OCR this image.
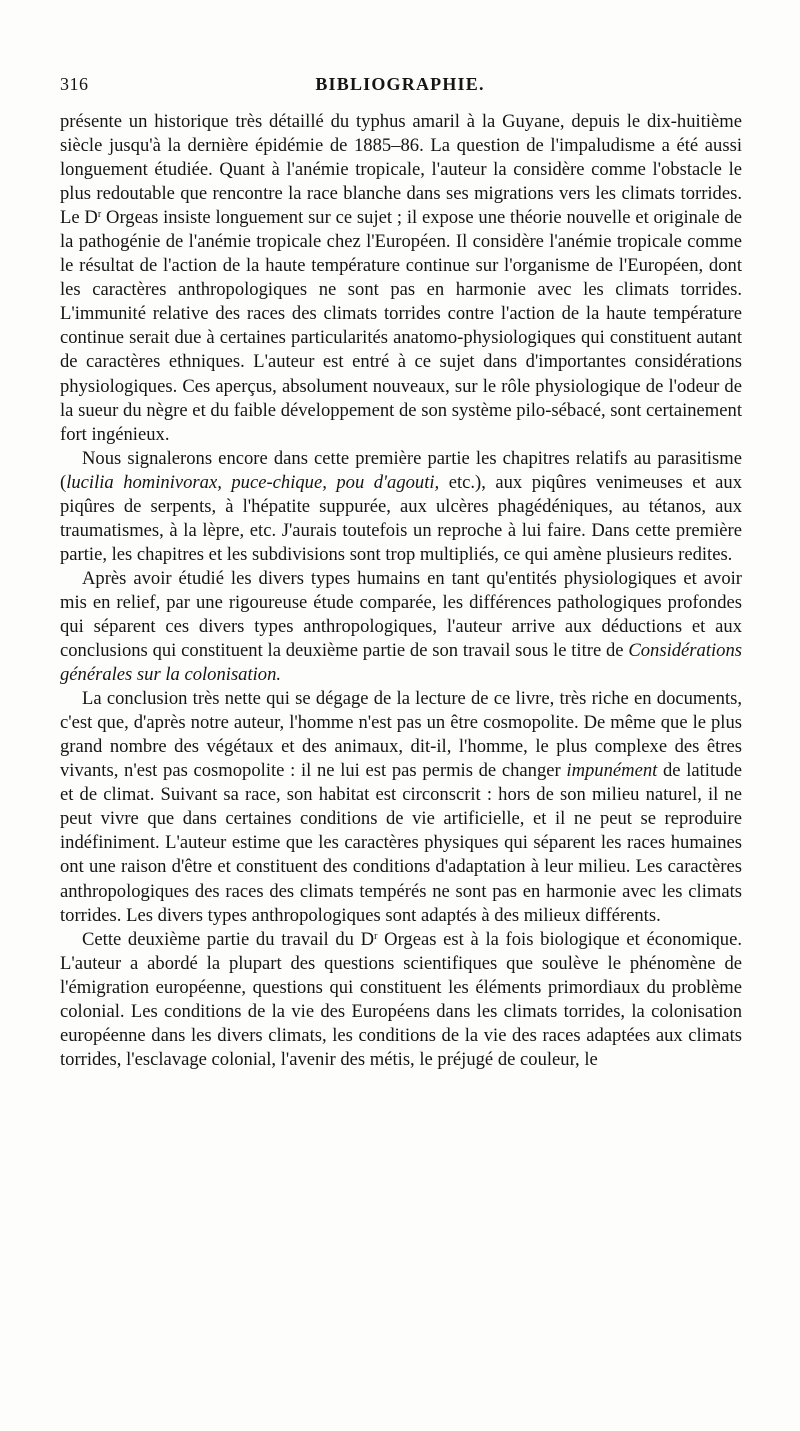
316	BIBLIOGRAPHIE.

présente un historique très détaillé du typhus amaril à la Guyane, depuis le dix-huitième siècle jusqu'à la dernière épidémie de 1885–86. La question de l'impaludisme a été aussi longuement étudiée. Quant à l'anémie tropicale, l'auteur la considère comme l'obstacle le plus redoutable que rencontre la race blanche dans ses migrations vers les climats torrides. Le $D^r$ Orgeas insiste longuement sur ce sujet ; il expose une théorie nouvelle et originale de la pathogénie de l'anémie tropicale chez l'Européen. Il considère l'anémie tropicale comme le résultat de l'action de la haute température continue sur l'organisme de l'Européen, dont les caractères anthropologiques ne sont pas en harmonie avec les climats torrides. L'immunité relative des races des climats torrides contre l'action de la haute température continue serait due à certaines particularités anatomo-physiologiques qui constituent autant de caractères ethniques. L'auteur est entré à ce sujet dans d'importantes considérations physiologiques. Ces aperçus, absolument nouveaux, sur le rôle physiologique de l'odeur de la sueur du nègre et du faible développement de son système pilo-sébacé, sont certainement fort ingénieux.

Nous signalerons encore dans cette première partie les chapitres relatifs au parasitisme (lucilia hominivorax, puce-chique, pou d'agouti, etc.), aux piqûres venimeuses et aux piqûres de serpents, à l'hépatite suppurée, aux ulcères phagédéniques, au tétanos, aux traumatismes, à la lèpre, etc. J'aurais toutefois un reproche à lui faire. Dans cette première partie, les chapitres et les subdivisions sont trop multipliés, ce qui amène plusieurs redites.

Après avoir étudié les divers types humains en tant qu'entités physiologiques et avoir mis en relief, par une rigoureuse étude comparée, les différences pathologiques profondes qui séparent ces divers types anthropologiques, l'auteur arrive aux déductions et aux conclusions qui constituent la deuxième partie de son travail sous le titre de Considérations générales sur la colonisation.

La conclusion très nette qui se dégage de la lecture de ce livre, très riche en documents, c'est que, d'après notre auteur, l'homme n'est pas un être cosmopolite. De même que le plus grand nombre des végétaux et des animaux, dit-il, l'homme, le plus complexe des êtres vivants, n'est pas cosmopolite : il ne lui est pas permis de changer impunément de latitude et de climat. Suivant sa race, son habitat est circonscrit : hors de son milieu naturel, il ne peut vivre que dans certaines conditions de vie artificielle, et il ne peut se reproduire indéfiniment. L'auteur estime que les caractères physiques qui séparent les races humaines ont une raison d'être et constituent des conditions d'adaptation à leur milieu. Les caractères anthropologiques des races des climats tempérés ne sont pas en harmonie avec les climats torrides. Les divers types anthropologiques sont adaptés à des milieux différents.

Cette deuxième partie du travail du $D^r$ Orgeas est à la fois biologique et économique. L'auteur a abordé la plupart des questions scientifiques que soulève le phénomène de l'émigration européenne, questions qui constituent les éléments primordiaux du problème colonial. Les conditions de la vie des Européens dans les climats torrides, la colonisation européenne dans les divers climats, les conditions de la vie des races adaptées aux climats torrides, l'esclavage colonial, l'avenir des métis, le préjugé de couleur, le
